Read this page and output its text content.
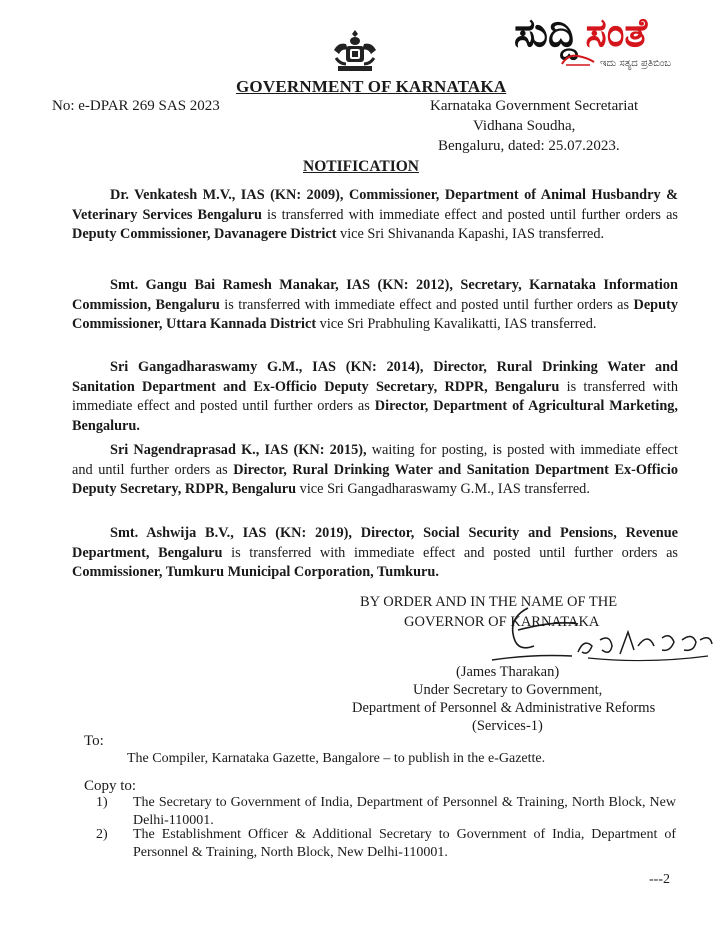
ಸುದ್ದಿ ಸಂತೆ
ಇದು ಸತ್ಯದ ಪ್ರತಿಬಿಂಬ
GOVERNMENT OF KARNATAKA
No: e-DPAR 269 SAS 2023	Karnataka Government Secretariat
Vidhana Soudha,
Bengaluru, dated: 25.07.2023.
NOTIFICATION
Dr. Venkatesh M.V., IAS (KN: 2009), Commissioner, Department of Animal Husbandry & Veterinary Services Bengaluru is transferred with immediate effect and posted until further orders as Deputy Commissioner, Davanagere District vice Sri Shivananda Kapashi, IAS transferred.
Smt. Gangu Bai Ramesh Manakar, IAS (KN: 2012), Secretary, Karnataka Information Commission, Bengaluru is transferred with immediate effect and posted until further orders as Deputy Commissioner, Uttara Kannada District vice Sri Prabhuling Kavalikatti, IAS transferred.
Sri Gangadharaswamy G.M., IAS (KN: 2014), Director, Rural Drinking Water and Sanitation Department and Ex-Officio Deputy Secretary, RDPR, Bengaluru is transferred with immediate effect and posted until further orders as Director, Department of Agricultural Marketing, Bengaluru.
Sri Nagendraprasad K., IAS (KN: 2015), waiting for posting, is posted with immediate effect and until further orders as Director, Rural Drinking Water and Sanitation Department Ex-Officio Deputy Secretary, RDPR, Bengaluru vice Sri Gangadharaswamy G.M., IAS transferred.
Smt. Ashwija B.V., IAS (KN: 2019), Director, Social Security and Pensions, Revenue Department, Bengaluru is transferred with immediate effect and posted until further orders as Commissioner, Tumkuru Municipal Corporation, Tumkuru.
BY ORDER AND IN THE NAME OF THE
GOVERNOR OF KARNATAKA
(James Tharakan)
Under Secretary to Government,
Department of Personnel & Administrative Reforms
(Services-1)
To:
The Compiler, Karnataka Gazette, Bangalore – to publish in the e-Gazette.
Copy to:
1)	The Secretary to Government of India, Department of Personnel & Training, North Block, New Delhi-110001.
2)	The Establishment Officer & Additional Secretary to Government of India, Department of Personnel & Training, North Block, New Delhi-110001.
---2
